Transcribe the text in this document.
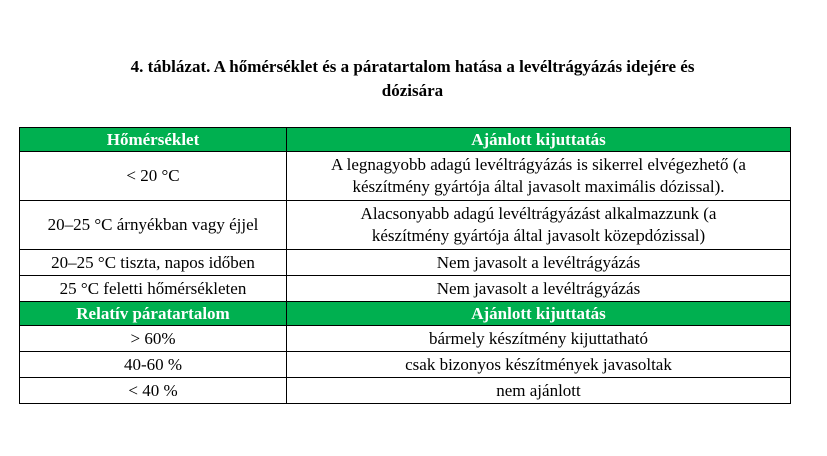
4. táblázat. A hőmérséklet és a páratartalom hatása a levéltrágyázás idejére és
dózisára
Hőmérséklet	Ajánlott kijuttatás
< 20 °C	A legnagyobb adagú levéltrágyázás is sikerrel elvégezhető (a
készítmény gyártója által javasolt maximális dózissal).

20–25 °C árnyékban vagy éjjel	Alacsonyabb adagú levéltrágyázást alkalmazzunk (a
készítmény gyártója által javasolt közepdózissal)

20–25 °C tiszta, napos időben	Nem javasolt a levéltrágyázás
25 °C feletti hőmérsékleten	Nem javasolt a levéltrágyázás
Relatív páratartalom	Ajánlott kijuttatás
> 60%	bármely készítmény kijuttatható
40-60 %	csak bizonyos készítmények javasoltak
< 40 %	nem ajánlott
